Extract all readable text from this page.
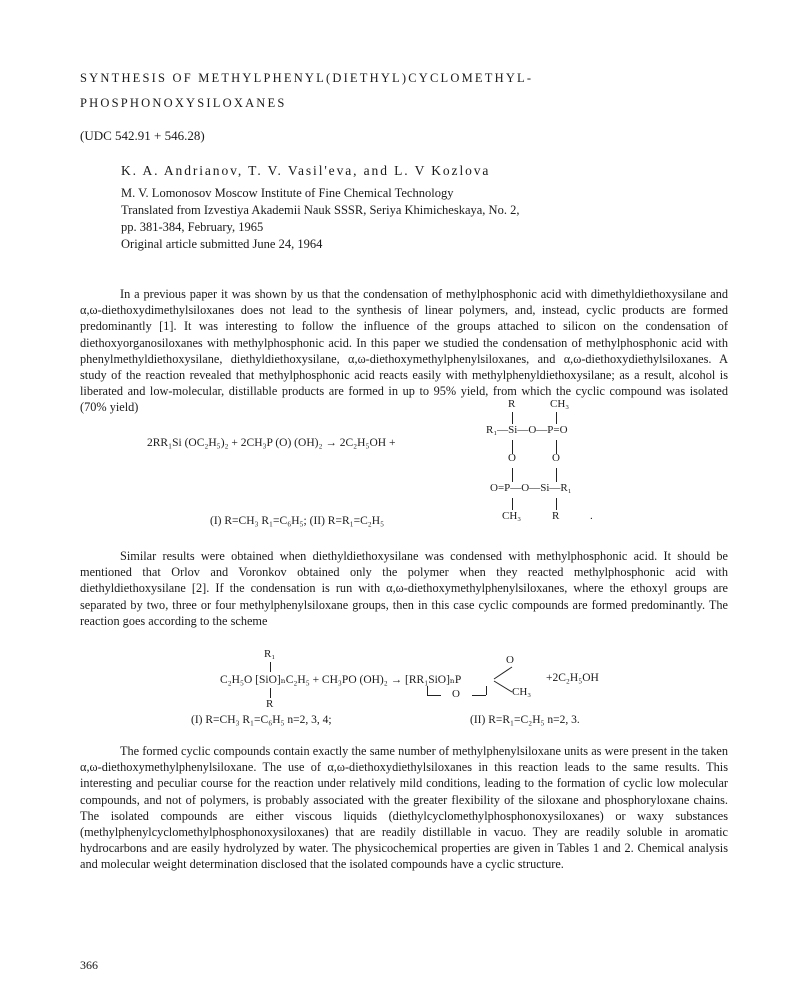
SYNTHESIS OF METHYLPHENYL(DIETHYL)CYCLOMETHYL-
PHOSPHONOXYSILOXANES
(UDC 542.91 + 546.28)
K. A. Andrianov, T. V. Vasil'eva, and L. V Kozlova
M. V. Lomonosov Moscow Institute of Fine Chemical Technology
Translated from Izvestiya Akademii Nauk SSSR, Seriya Khimicheskaya, No. 2,
pp. 381-384, February, 1965
Original article submitted June 24, 1964

In a previous paper it was shown by us that the condensation of methylphosphonic acid with dimethyldiethoxysilane and α,ω-diethoxydimethylsiloxanes does not lead to the synthesis of linear polymers, and, instead, cyclic products are formed predominantly [1]. It was interesting to follow the influence of the groups attached to silicon on the condensation of diethoxyorganosiloxanes with methylphosphonic acid. In this paper we studied the condensation of methylphosphonic acid with phenylmethyldiethoxysilane, diethyldiethoxysilane, α,ω-diethoxymethylphenylsiloxanes, and α,ω-diethoxydiethylsiloxanes. A study of the reaction revealed that methylphosphonic acid reacts easily with methylphenyldiethoxysilane; as a result, alcohol is liberated and low-molecular, distillable products are formed in up to 95% yield, from which the cyclic compound was isolated (70% yield)

2RR₁Si (OC₂H₅)₂ + 2CH₃P (O) (OH)₂ → 2C₂H₅OH +
(I) R=CH₃ R₁=C₆H₅; (II) R=R₁=C₂H₅
R	CH₃
R₁—Si—O—P=O
O	O
O=P—O—Si—R₁
CH₃	R	.

Similar results were obtained when diethyldiethoxysilane was condensed with methylphosphonic acid. It should be mentioned that Orlov and Voronkov obtained only the polymer when they reacted methylphosphonic acid with diethyldiethoxysilane [2]. If the condensation is run with α,ω-diethoxymethylphenylsiloxanes, where the ethoxyl groups are separated by two, three or four methylphenylsiloxane groups, then in this case cyclic compounds are formed predominantly. The reaction goes according to the scheme

R₁
C₂H₅O [SiO]ₙC₂H₅ + CH₃PO (OH)₂ → [RR₁SiO]ₙP
R
O
CH₃
O
+2C₂H₅OH
(I) R=CH₃ R₁=C₆H₅ n=2, 3, 4;	(II) R=R₁=C₂H₅ n=2, 3.

The formed cyclic compounds contain exactly the same number of methylphenylsiloxane units as were present in the taken α,ω-diethoxymethylphenylsiloxane. The use of α,ω-diethoxydiethylsiloxanes in this reaction leads to the same results. This interesting and peculiar course for the reaction under relatively mild conditions, leading to the formation of cyclic low molecular compounds, and not of polymers, is probably associated with the greater flexibility of the siloxane and phosphoryloxane chains. The isolated compounds are either viscous liquids (diethylcyclomethylphosphonoxysiloxanes) or waxy substances (methylphenylcyclomethylphosphonoxysiloxanes) that are readily distillable in vacuo. They are readily soluble in aromatic hydrocarbons and are easily hydrolyzed by water. The physicochemical properties are given in Tables 1 and 2. Chemical analysis and molecular weight determination disclosed that the isolated compounds have a cyclic structure.

366
